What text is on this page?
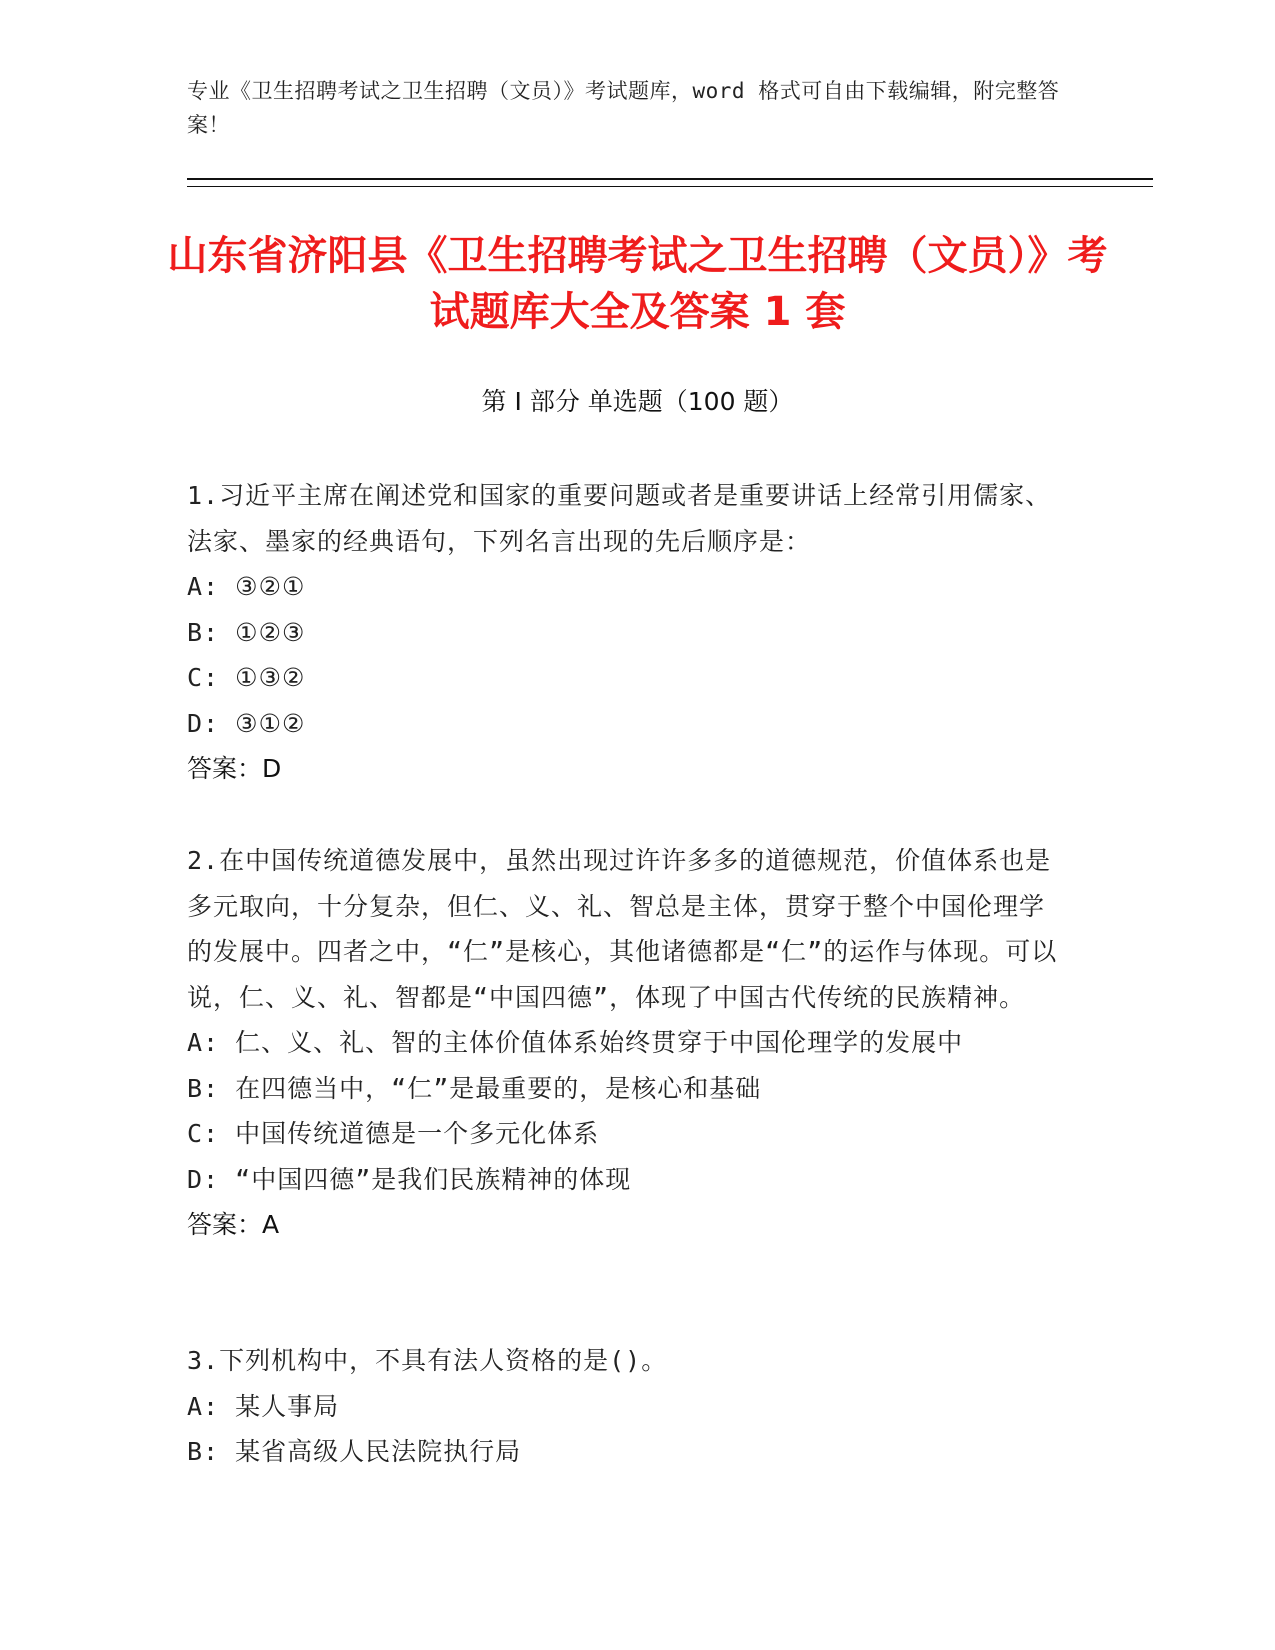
专业《卫生招聘考试之卫生招聘（文员）》考试题库，word 格式可自由下载编辑，附完整答案！
山东省济阳县《卫生招聘考试之卫生招聘（文员）》考试题库大全及答案 1 套
第 I 部分 单选题（100 题）

1.习近平主席在阐述党和国家的重要问题或者是重要讲话上经常引用儒家、法家、墨家的经典语句，下列名言出现的先后顺序是：

A: ③②①

B: ①②③

C: ①③②

D: ③①②

答案：D

2.在中国传统道德发展中，虽然出现过许许多多的道德规范，价值体系也是多元取向，十分复杂，但仁、义、礼、智总是主体，贯穿于整个中国伦理学的发展中。四者之中，“仁”是核心，其他诸德都是“仁”的运作与体现。可以说，仁、义、礼、智都是“中国四德”，体现了中国古代传统的民族精神。

A: 仁、义、礼、智的主体价值体系始终贯穿于中国伦理学的发展中

B: 在四德当中，“仁”是最重要的，是核心和基础

C: 中国传统道德是一个多元化体系

D: “中国四德”是我们民族精神的体现

答案：A

3.下列机构中，不具有法人资格的是()。

A: 某人事局

B: 某省高级人民法院执行局
